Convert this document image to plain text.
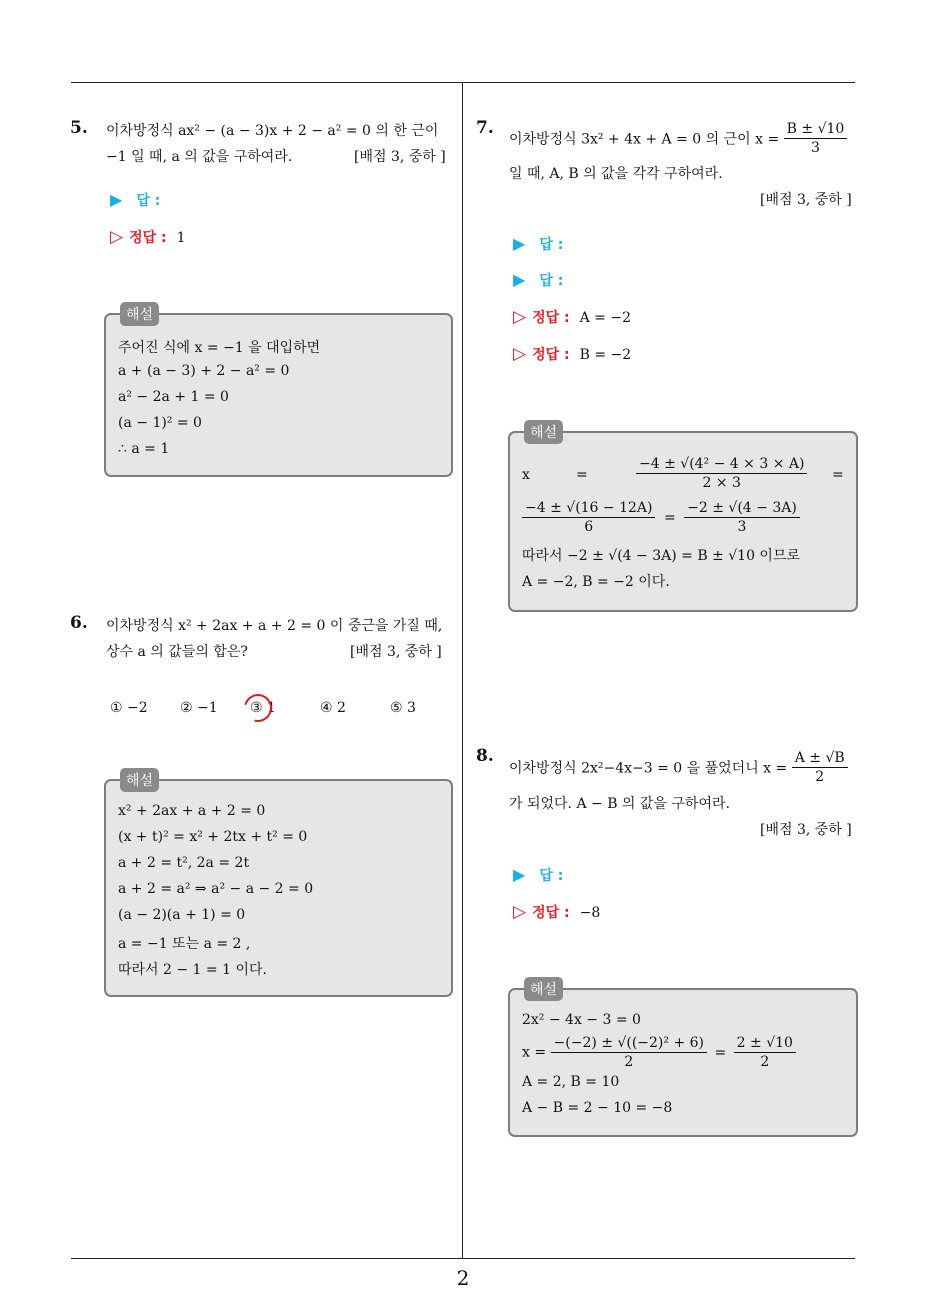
5. 이차방정식 ax² − (a − 3)x + 2 − a² = 0 의 한 근이
−1 일 때, a 의 값을 구하여라.	[배점 3, 중하 ]
▶ 답 :
▷ 정답 : 1
주어진 식에 x = −1 을 대입하면
a + (a − 3) + 2 − a² = 0
a² − 2a + 1 = 0
(a − 1)² = 0
∴ a = 1
해설
6. 이차방정식 x² + 2ax + a + 2 = 0 이 중근을 가질 때,
상수 a 의 값들의 합은?	[배점 3, 중하 ]
① −2 ② −1 ③ 1	④ 2	⑤ 3
x² + 2ax + a + 2 = 0
(x + t)² = x² + 2tx + t² = 0
a + 2 = t², 2a = 2t
a + 2 = a² ⇒ a² − a − 2 = 0
(a − 2)(a + 1) = 0
a = −1 또는 a = 2 ,
따라서 2 − 1 = 1 이다.
해설
7.
이차방정식 3x² + 4x + A = 0 의 근이 $x = \frac{B \pm √10}{3}$
일 때, A, B 의 값을 각각 구하여라.
[배점 3, 중하 ]
▶ 답 :
▶ 답 :
▷ 정답 : A = −2
▷ 정답 : B = −2
x	=	$\frac{\text{−4 ± √(4² − 4 × 3 × A)}}{2 \times 3}$ =
$\frac{-4 \pm √(16 - 12A)}{6} = \frac{-2 \pm √(4 - 3A)}{3}$
따라서 −2 ± √(4 − 3A) = B ± √10 이므로
A = −2, B = −2 이다.
해설
8.
이차방정식 2x²−4x−3 = 0 을 풀었더니 $x = \frac{A \pm √B}{2}$
가 되었다. A − B 의 값을 구하여라.
[배점 3, 중하 ]
▶ 답 :
▷ 정답 : −8
2x² − 4x − 3 = 0
$x = \frac{\text{−(−2) ± √((−2)² + 6)}}{2} = \frac{2 \pm √10}{2}$
A = 2, B = 10
A − B = 2 − 10 = −8
해설
2
